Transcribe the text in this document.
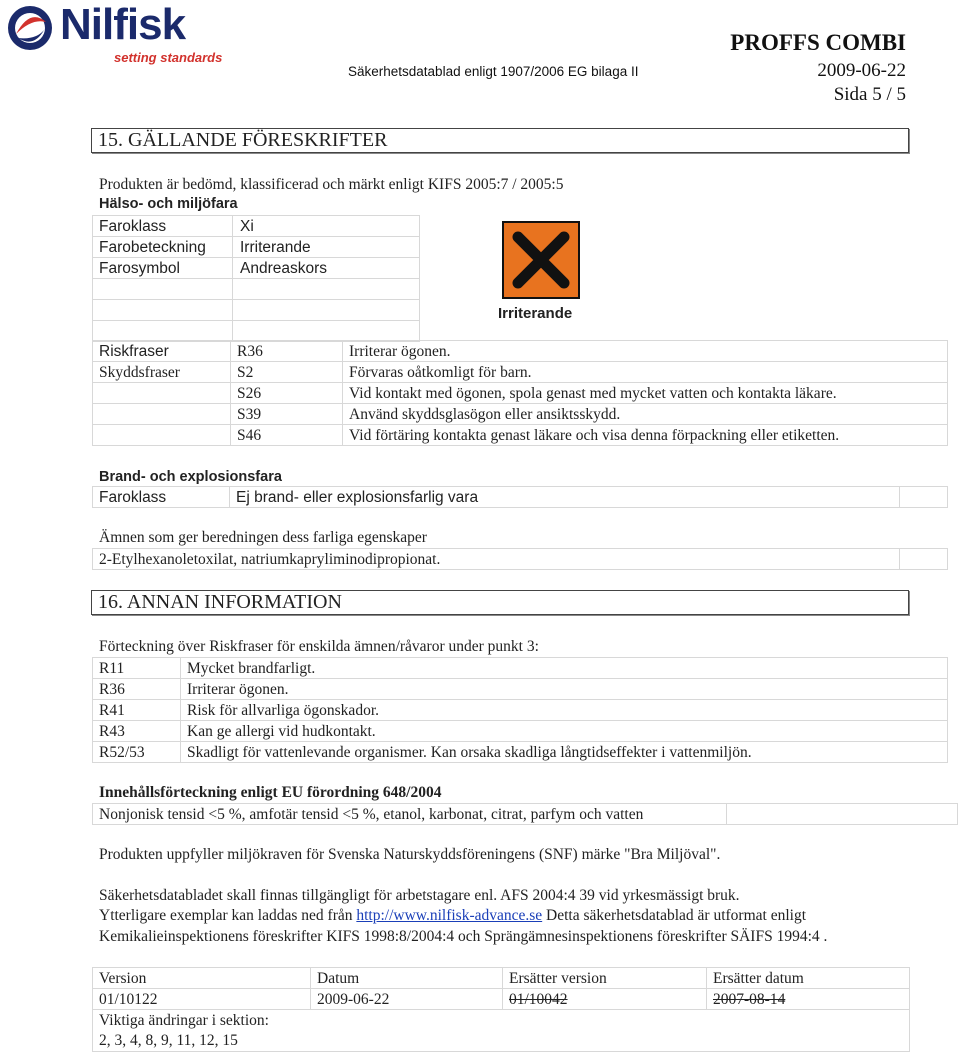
Nilfisk
setting standards
Säkerhetsdatablad enligt 1907/2006 EG bilaga II
PROFFS COMBI
2009-06-22
Sida 5 / 5
15. GÄLLANDE FÖRESKRIFTER
Produkten är bedömd, klassificerad och märkt enligt KIFS 2005:7 / 2005:5
Hälso- och miljöfara
Faroklass	Xi
Farobeteckning	Irriterande
Farosymbol	Andreaskors

Irriterande
Riskfraser	R36	Irriterar ögonen.
Skyddsfraser	S2	Förvaras oåtkomligt för barn.
	S26	Vid kontakt med ögonen, spola genast med mycket vatten och kontakta läkare.
	S39	Använd skyddsglasögon eller ansiktsskydd.
	S46	Vid förtäring kontakta genast läkare och visa denna förpackning eller etiketten.
Brand- och explosionsfara
Faroklass	Ej brand- eller explosionsfarlig vara	
Ämnen som ger beredningen dess farliga egenskaper
2-Etylhexanoletoxilat, natriumkapryliminodipropionat.	
16. ANNAN INFORMATION
Förteckning över Riskfraser för enskilda ämnen/råvaror under punkt 3:
R11	Mycket brandfarligt.
R36	Irriterar ögonen.
R41	Risk för allvarliga ögonskador.
R43	Kan ge allergi vid hudkontakt.
R52/53	Skadligt för vattenlevande organismer. Kan orsaka skadliga långtidseffekter i vattenmiljön.
Innehållsförteckning enligt EU förordning 648/2004
Nonjonisk tensid <5 %, amfotär tensid <5 %, etanol, karbonat, citrat, parfym och vatten	
Produkten uppfyller miljökraven för Svenska Naturskyddsföreningens (SNF) märke "Bra Miljöval".
Säkerhetsdatabladet skall finnas tillgängligt för arbetstagare enl. AFS 2004:4 39 vid yrkesmässigt bruk.
Ytterligare exemplar kan laddas ned från http://www.nilfisk-advance.se Detta säkerhetsdatablad är utformat enligt
Kemikalieinspektionens föreskrifter KIFS 1998:8/2004:4 och Sprängämnesinspektionens föreskrifter SÄIFS 1994:4 .
Version	Datum	Ersätter version	Ersätter datum
01/10122	2009-06-22	01/10042	2007-08-14

Viktiga ändringar i sektion:
2, 3, 4, 8, 9, 11, 12, 15			
